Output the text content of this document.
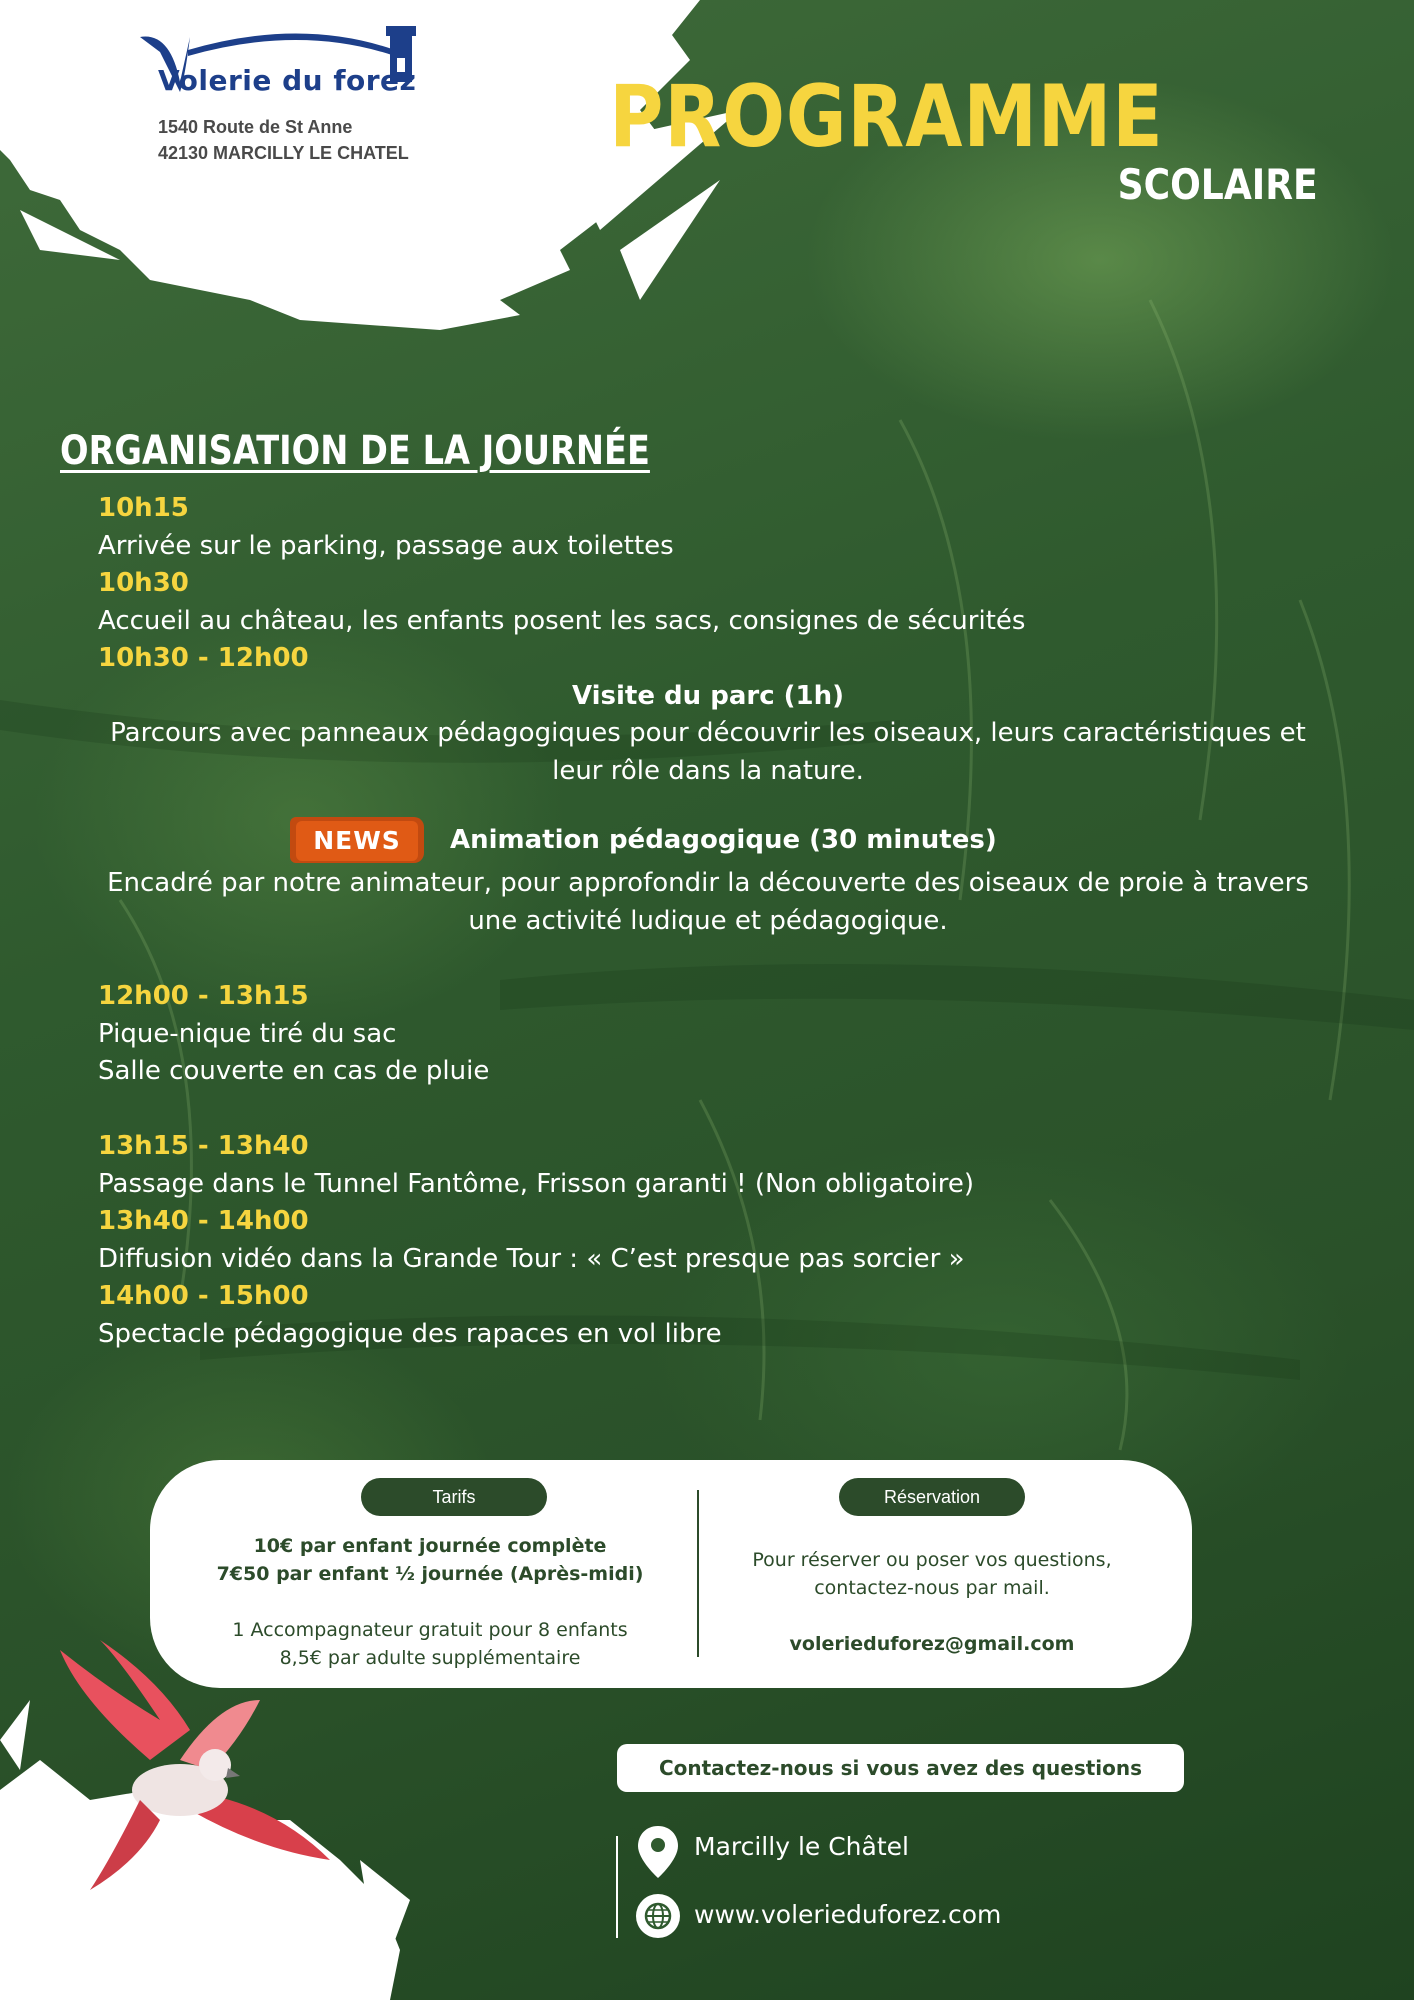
Volerie du forez
1540 Route de St Anne
42130 MARCILLY LE CHATEL PROGRAMME
SCOLAIRE
ORGANISATION DE LA JOURNÉE
10h15
Arrivée sur le parking, passage aux toilettes
10h30
Accueil au château, les enfants posent les sacs, consignes de sécurités
10h30 - 12h00
Visite du parc (1h)
Parcours avec panneaux pédagogiques pour découvrir les oiseaux, leurs caractéristiques et
leur rôle dans la nature.
NEWS	Animation pédagogique (30 minutes)
Encadré par notre animateur, pour approfondir la découverte des oiseaux de proie à travers
une activité ludique et pédagogique.
12h00 - 13h15
Pique-nique tiré du sac
Salle couverte en cas de pluie
13h15 - 13h40
Passage dans le Tunnel Fantôme, Frisson garanti ! (Non obligatoire)
13h40 - 14h00
Diffusion vidéo dans la Grande Tour : « C’est presque pas sorcier »
14h00 - 15h00
Spectacle pédagogique des rapaces en vol libre
Tarifs
10€ par enfant journée complète
7€50 par enfant ½ journée (Après-midi)
1 Accompagnateur gratuit pour 8 enfants
8,5€ par adulte supplémentaire
Réservation
Pour réserver ou poser vos questions,
contactez-nous par mail.
volerieduforez@gmail.com
Contactez-nous si vous avez des questions
Marcilly le Châtel
www.volerieduforez.com
